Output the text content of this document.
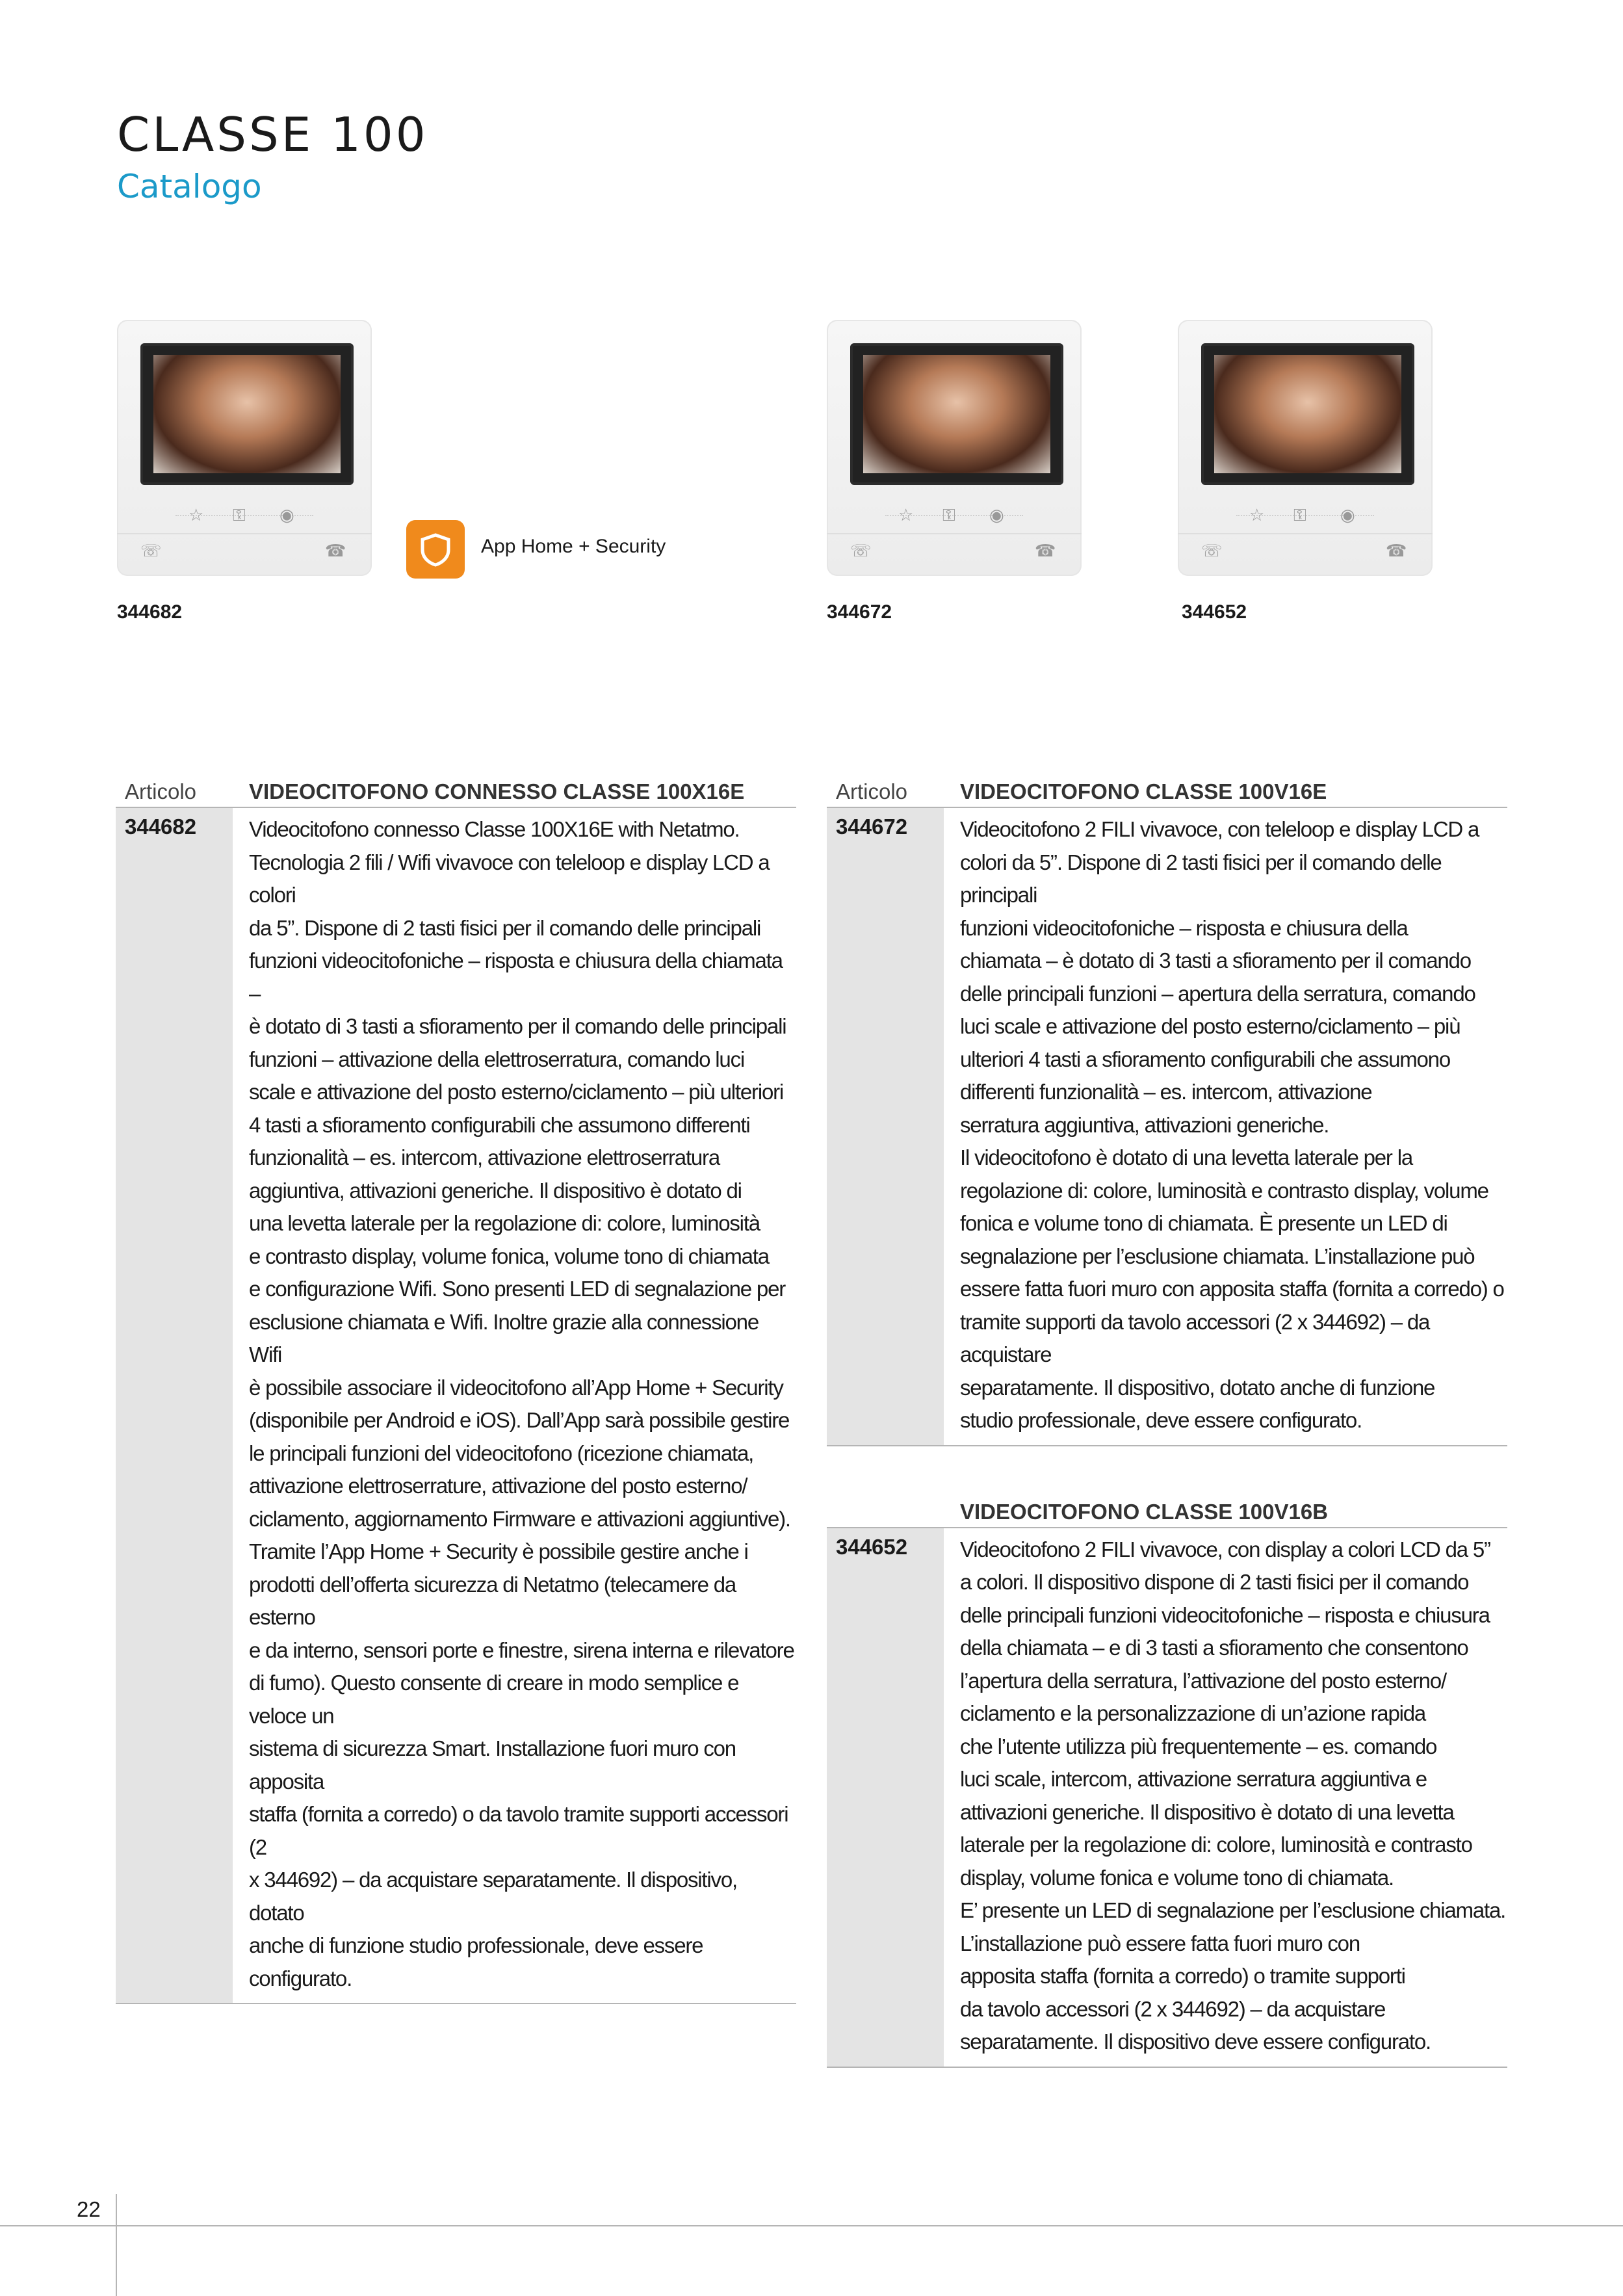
CLASSE 100
Catalogo
☏
☆ ⚿ ◉
☎	App Home + Security	☏
☆ ⚿ ◉
☎	☏
☆ ⚿ ◉
☎
344682	344672	344652
Articolo VIDEOCITOFONO CONNESSO CLASSE 100X16E
344682	Videocitofono connesso Classe 100X16E with Netatmo.
Tecnologia 2 fili / Wifi vivavoce con teleloop e display LCD a colori
da 5”. Dispone di 2 tasti fisici per il comando delle principali
funzioni videocitofoniche – risposta e chiusura della chiamata –
è dotato di 3 tasti a sfioramento per il comando delle principali
funzioni – attivazione della elettroserratura, comando luci
scale e attivazione del posto esterno/ciclamento – più ulteriori
4 tasti a sfioramento configurabili che assumono differenti
funzionalità – es. intercom, attivazione elettroserratura
aggiuntiva, attivazioni generiche. Il dispositivo è dotato di
una levetta laterale per la regolazione di: colore, luminosità
e contrasto display, volume fonica, volume tono di chiamata
e configurazione Wifi. Sono presenti LED di segnalazione per
esclusione chiamata e Wifi. Inoltre grazie alla connessione Wifi
è possibile associare il videocitofono all’App Home + Security
(disponibile per Android e iOS). Dall’App sarà possibile gestire
le principali funzioni del videocitofono (ricezione chiamata,
attivazione elettroserrature, attivazione del posto esterno/
ciclamento, aggiornamento Firmware e attivazioni aggiuntive).
Tramite l’App Home + Security è possibile gestire anche i
prodotti dell’offerta sicurezza di Netatmo (telecamere da esterno
e da interno, sensori porte e finestre, sirena interna e rilevatore
di fumo). Questo consente di creare in modo semplice e veloce un
sistema di sicurezza Smart. Installazione fuori muro con apposita
staffa (fornita a corredo) o da tavolo tramite supporti accessori (2
x 344692) – da acquistare separatamente. Il dispositivo, dotato
anche di funzione studio professionale, deve essere configurato.
Articolo VIDEOCITOFONO CLASSE 100V16E
344672	Videocitofono 2 FILI vivavoce, con teleloop e display LCD a
colori da 5”. Dispone di 2 tasti fisici per il comando delle principali
funzioni videocitofoniche – risposta e chiusura della
chiamata – è dotato di 3 tasti a sfioramento per il comando
delle principali funzioni – apertura della serratura, comando
luci scale e attivazione del posto esterno/ciclamento – più
ulteriori 4 tasti a sfioramento configurabili che assumono
differenti funzionalità – es. intercom, attivazione
serratura aggiuntiva, attivazioni generiche.
Il videocitofono è dotato di una levetta laterale per la
regolazione di: colore, luminosità e contrasto display, volume
fonica e volume tono di chiamata. È presente un LED di
segnalazione per l’esclusione chiamata. L’installazione può
essere fatta fuori muro con apposita staffa (fornita a corredo) o
tramite supporti da tavolo accessori (2 x 344692) – da acquistare
separatamente. Il dispositivo, dotato anche di funzione
studio professionale, deve essere configurato.
VIDEOCITOFONO CLASSE 100V16B
344652	Videocitofono 2 FILI vivavoce, con display a colori LCD da 5”
a colori. Il dispositivo dispone di 2 tasti fisici per il comando
delle principali funzioni videocitofoniche – risposta e chiusura
della chiamata – e di 3 tasti a sfioramento che consentono
l’apertura della serratura, l’attivazione del posto esterno/
ciclamento e la personalizzazione di un’azione rapida
che l’utente utilizza più frequentemente – es. comando
luci scale, intercom, attivazione serratura aggiuntiva e
attivazioni generiche. Il dispositivo è dotato di una levetta
laterale per la regolazione di: colore, luminosità e contrasto
display, volume fonica e volume tono di chiamata.
E’ presente un LED di segnalazione per l’esclusione chiamata.
L’installazione può essere fatta fuori muro con
apposita staffa (fornita a corredo) o tramite supporti
da tavolo accessori (2 x 344692) – da acquistare
separatamente. Il dispositivo deve essere configurato.
22
